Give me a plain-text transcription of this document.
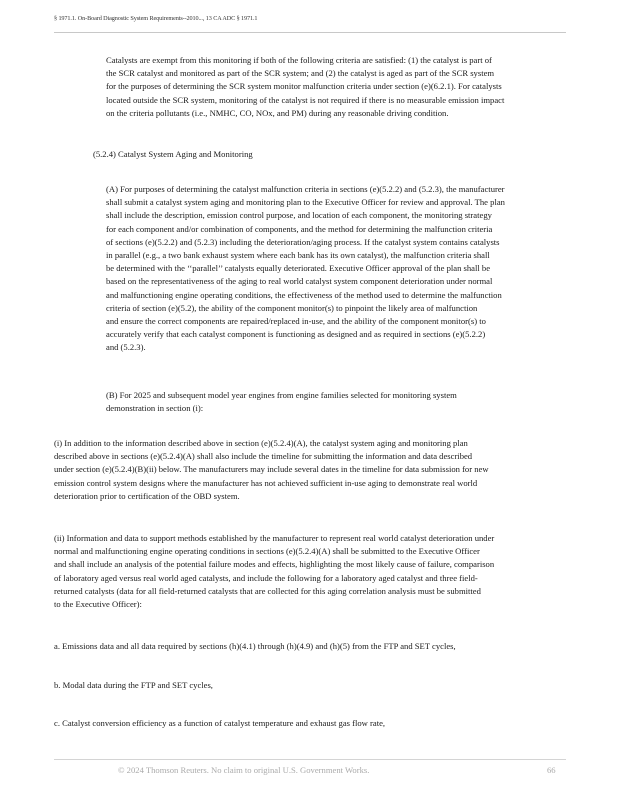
§ 1971.1. On-Board Diagnostic System Requirements--2010..., 13 CA ADC § 1971.1
Catalysts are exempt from this monitoring if both of the following criteria are satisfied: (1) the catalyst is part of
the SCR catalyst and monitored as part of the SCR system; and (2) the catalyst is aged as part of the SCR system
for the purposes of determining the SCR system monitor malfunction criteria under section (e)(6.2.1). For catalysts
located outside the SCR system, monitoring of the catalyst is not required if there is no measurable emission impact
on the criteria pollutants (i.e., NMHC, CO, NOx, and PM) during any reasonable driving condition.
(5.2.4) Catalyst System Aging and Monitoring
(A) For purposes of determining the catalyst malfunction criteria in sections (e)(5.2.2) and (5.2.3), the manufacturer
shall submit a catalyst system aging and monitoring plan to the Executive Officer for review and approval. The plan
shall include the description, emission control purpose, and location of each component, the monitoring strategy
for each component and/or combination of components, and the method for determining the malfunction criteria
of sections (e)(5.2.2) and (5.2.3) including the deterioration/aging process. If the catalyst system contains catalysts
in parallel (e.g., a two bank exhaust system where each bank has its own catalyst), the malfunction criteria shall
be determined with the ‘‘parallel’’ catalysts equally deteriorated. Executive Officer approval of the plan shall be
based on the representativeness of the aging to real world catalyst system component deterioration under normal
and malfunctioning engine operating conditions, the effectiveness of the method used to determine the malfunction
criteria of section (e)(5.2), the ability of the component monitor(s) to pinpoint the likely area of malfunction
and ensure the correct components are repaired/replaced in-use, and the ability of the component monitor(s) to
accurately verify that each catalyst component is functioning as designed and as required in sections (e)(5.2.2)
and (5.2.3).
(B) For 2025 and subsequent model year engines from engine families selected for monitoring system
demonstration in section (i):
(i) In addition to the information described above in section (e)(5.2.4)(A), the catalyst system aging and monitoring plan
described above in sections (e)(5.2.4)(A) shall also include the timeline for submitting the information and data described
under section (e)(5.2.4)(B)(ii) below. The manufacturers may include several dates in the timeline for data submission for new
emission control system designs where the manufacturer has not achieved sufficient in-use aging to demonstrate real world
deterioration prior to certification of the OBD system.
(ii) Information and data to support methods established by the manufacturer to represent real world catalyst deterioration under
normal and malfunctioning engine operating conditions in sections (e)(5.2.4)(A) shall be submitted to the Executive Officer
and shall include an analysis of the potential failure modes and effects, highlighting the most likely cause of failure, comparison
of laboratory aged versus real world aged catalysts, and include the following for a laboratory aged catalyst and three field-
returned catalysts (data for all field-returned catalysts that are collected for this aging correlation analysis must be submitted
to the Executive Officer):
a. Emissions data and all data required by sections (h)(4.1) through (h)(4.9) and (h)(5) from the FTP and SET cycles,
b. Modal data during the FTP and SET cycles,
c. Catalyst conversion efficiency as a function of catalyst temperature and exhaust gas flow rate,
© 2024 Thomson Reuters. No claim to original U.S. Government Works.	66
